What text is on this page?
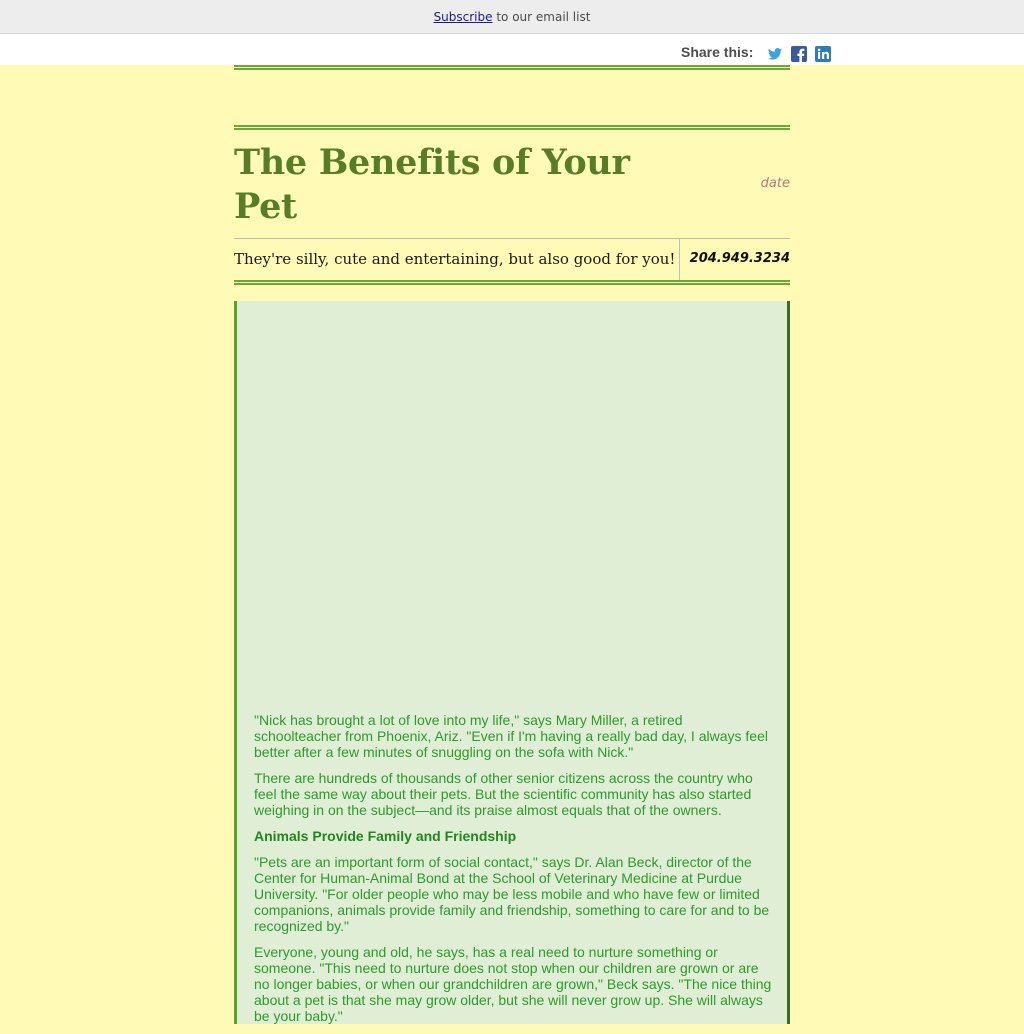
Subscribe to our email list
Share this:
The Benefits of Your Pet
date
They're silly, cute and entertaining, but also good for you! 204.949.3234

"Nick has brought a lot of love into my life," says Mary Miller, a retired schoolteacher from Phoenix, Ariz. "Even if I'm having a really bad day, I always feel better after a few minutes of snuggling on the sofa with Nick."

There are hundreds of thousands of other senior citizens across the country who feel the same way about their pets. But the scientific community has also started weighing in on the subject—and its praise almost equals that of the owners.

Animals Provide Family and Friendship

"Pets are an important form of social contact," says Dr. Alan Beck, director of the Center for Human-Animal Bond at the School of Veterinary Medicine at Purdue University. "For older people who may be less mobile and who have few or limited companions, animals provide family and friendship, something to care for and to be recognized by."

Everyone, young and old, he says, has a real need to nurture something or someone. "This need to nurture does not stop when our children are grown or are no longer babies, or when our grandchildren are grown," Beck says. "The nice thing about a pet is that she may grow older, but she will never grow up. She will always be your baby."
